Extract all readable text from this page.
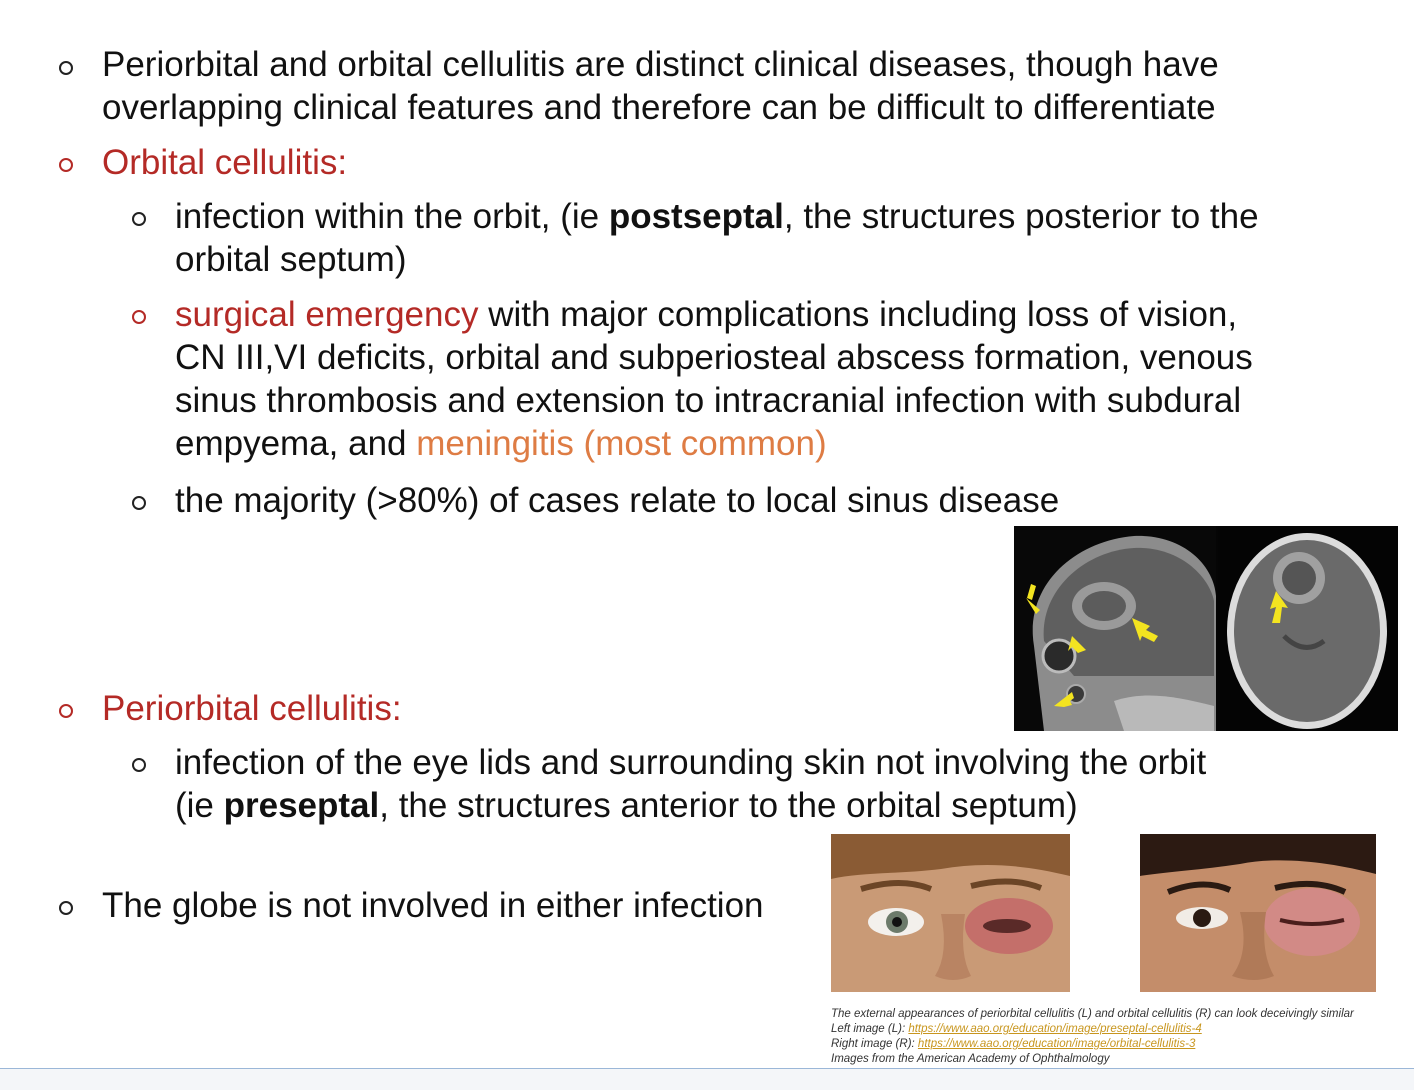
Periorbital and orbital cellulitis are distinct clinical diseases, though have
overlapping clinical features and therefore can be difficult to differentiate
Orbital cellulitis:
infection within the orbit, (ie postseptal, the structures posterior to the
orbital septum)
surgical emergency with major complications including loss of vision,
CN III,VI deficits, orbital and subperiosteal abscess formation, venous
sinus thrombosis and extension to intracranial infection with subdural
empyema, and meningitis (most common)
the majority (>80%) of cases relate to local sinus disease
Periorbital cellulitis:
infection of the eye lids and surrounding skin not involving the orbit
(ie preseptal, the structures anterior to the orbital septum)
The globe is not involved in either infection
The external appearances of periorbital cellulitis (L) and orbital cellulitis (R) can look deceivingly similar
Left image (L): https://www.aao.org/education/image/preseptal-cellulitis-4
Right image (R): https://www.aao.org/education/image/orbital-cellulitis-3
Images from the American Academy of Ophthalmology
